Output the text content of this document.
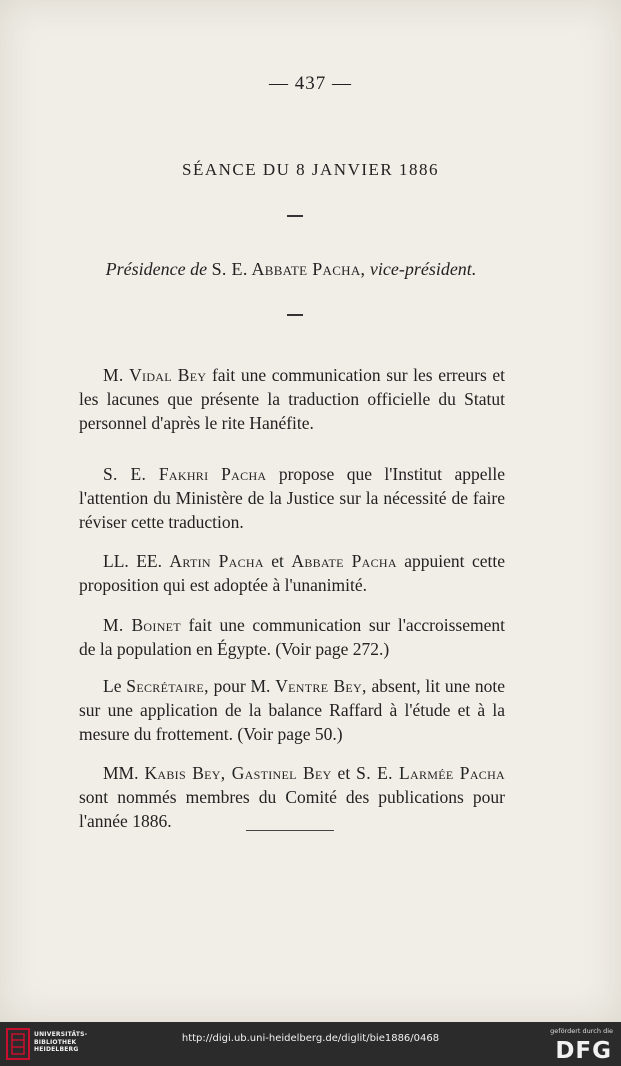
— 437 —
SÉANCE DU 8 JANVIER 1886
Présidence de S. E. Abbate Pacha, vice-président.

M. Vidal Bey fait une communication sur les erreurs et les lacunes que présente la traduction officielle du Statut personnel d'après le rite Hanéfite.

S. E. Fakhri Pacha propose que l'Institut appelle l'attention du Ministère de la Justice sur la nécessité de faire réviser cette traduction.

LL. EE. Artin Pacha et Abbate Pacha appuient cette proposition qui est adoptée à l'unanimité.

M. Boinet fait une communication sur l'accroissement de la population en Égypte. (Voir page 272.)

Le Secrétaire, pour M. Ventre Bey, absent, lit une note sur une application de la balance Raffard à l'étude et à la mesure du frottement. (Voir page 50.)

MM. Kabis Bey, Gastinel Bey et S. E. Larmée Pacha sont nommés membres du Comité des publications pour l'année 1886.

UNIVERSITÄTS-
BIBLIOTHEK
HEIDELBERG
http://digi.ub.uni-heidelberg.de/diglit/bie1886/0468
gefördert durch die
DFG
